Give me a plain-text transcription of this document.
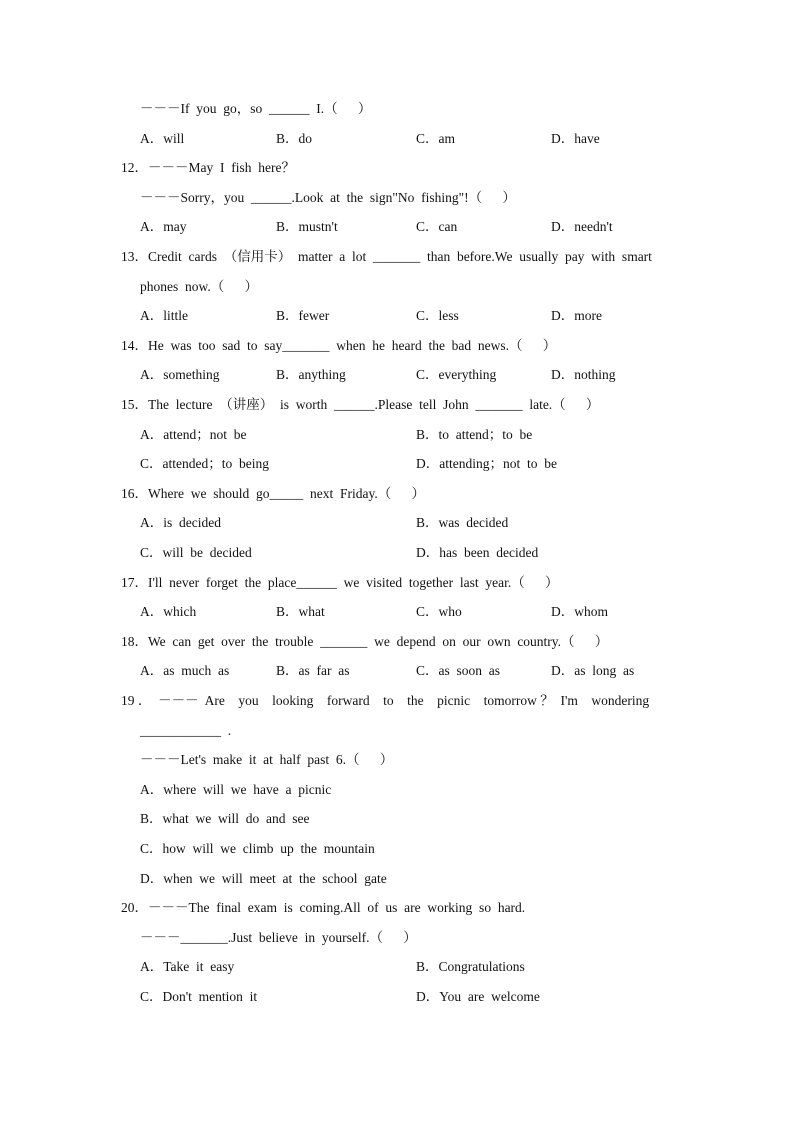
－－－If  you  go，so  ______  I.（      ）
A．will	B．do	C．am	D．have
12．－－－May  I  fish  here？
－－－Sorry，you  ______.Look  at  the  sign"No  fishing"!（      ）
A．may	B．mustn't	C．can	D．needn't
13．Credit  cards  （信用卡）  matter  a  lot  _______  than  before.We  usually  pay  with  smart
phones  now.（      ）
A．little	B．fewer	C．less	D．more
14．He  was  too  sad  to  say_______  when  he  heard  the  bad  news.（      ）
A．something	B．anything	C．everything	D．nothing
15．The  lecture  （讲座）  is  worth  ______.Please  tell  John  _______  late.（      ）
A．attend；not  be	B．to  attend；to  be
C．attended；to  being	D．attending；not  to  be
16．Where  we  should  go_____  next  Friday.（      ）
A．is  decided	B．was  decided
C．will  be  decided	D．has  been  decided
17．I'll  never  forget  the  place______  we  visited  together  last  year.（      ）
A．which	B．what	C．who	D．whom
18．We  can  get  over  the  trouble  _______  we  depend  on  our  own  country.（      ）
A．as  much  as	B．as  far  as	C．as  soon  as	D．as  long  as
19 ．  －－－  Are    you    looking    forward    to    the    picnic    tomorrow ？  I'm    wondering
____________  .
－－－Let's  make  it  at  half  past  6.（      ）
A．where  will  we  have  a  picnic
B．what  we  will  do  and  see
C．how  will  we  climb  up  the  mountain
D．when  we  will  meet  at  the  school  gate
20．－－－The  final  exam  is  coming.All  of  us  are  working  so  hard.
－－－_______.Just  believe  in  yourself.（      ）
A．Take  it  easy	B．Congratulations
C．Don't  mention  it	D．You  are  welcome
